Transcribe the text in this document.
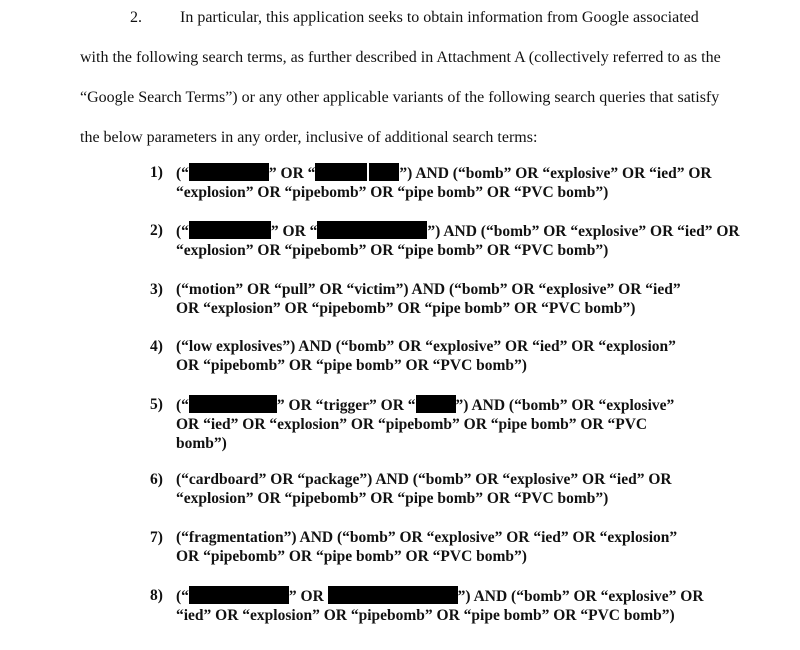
2. In particular, this application seeks to obtain information from Google associated
with the following search terms, as further described in Attachment A (collectively referred to as the
“Google Search Terms”) or any other applicable variants of the following search queries that satisfy
the below parameters in any order, inclusive of additional search terms:
1) (“	” OR “	”) AND (“bomb” OR “explosive” OR “ied” OR
“explosion” OR “pipebomb” OR “pipe bomb” OR “PVC bomb”)
2) (“	” OR “	”) AND (“bomb” OR “explosive” OR “ied” OR
“explosion” OR “pipebomb” OR “pipe bomb” OR “PVC bomb”)
3) (“motion” OR “pull” OR “victim”) AND (“bomb” OR “explosive” OR “ied”
OR “explosion” OR “pipebomb” OR “pipe bomb” OR “PVC bomb”)
4) (“low explosives”) AND (“bomb” OR “explosive” OR “ied” OR “explosion”
OR “pipebomb” OR “pipe bomb” OR “PVC bomb”)
5) (“	” OR “trigger” OR “	”) AND (“bomb” OR “explosive”
OR “ied” OR “explosion” OR “pipebomb” OR “pipe bomb” OR “PVC
bomb”)
6) (“cardboard” OR “package”) AND (“bomb” OR “explosive” OR “ied” OR
“explosion” OR “pipebomb” OR “pipe bomb” OR “PVC bomb”)
7) (“fragmentation”) AND (“bomb” OR “explosive” OR “ied” OR “explosion”
OR “pipebomb” OR “pipe bomb” OR “PVC bomb”)
8) (“	” OR	”) AND (“bomb” OR “explosive” OR
“ied” OR “explosion” OR “pipebomb” OR “pipe bomb” OR “PVC bomb”)
